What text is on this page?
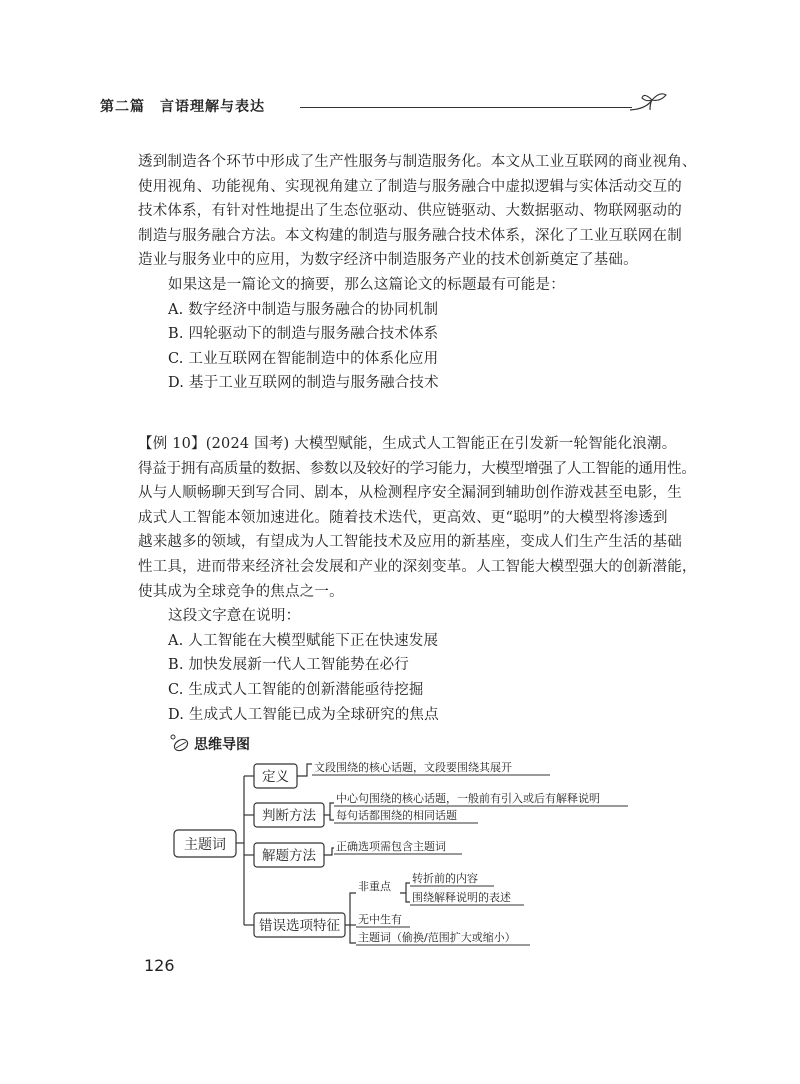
第二篇　言语理解与表达
透到制造各个环节中形成了生产性服务与制造服务化。本文从工业互联网的商业视角、
使用视角、功能视角、实现视角建立了制造与服务融合中虚拟逻辑与实体活动交互的
技术体系，有针对性地提出了生态位驱动、供应链驱动、大数据驱动、物联网驱动的
制造与服务融合方法。本文构建的制造与服务融合技术体系，深化了工业互联网在制
造业与服务业中的应用，为数字经济中制造服务产业的技术创新奠定了基础。
如果这是一篇论文的摘要，那么这篇论文的标题最有可能是：
A. 数字经济中制造与服务融合的协同机制
B. 四轮驱动下的制造与服务融合技术体系
C. 工业互联网在智能制造中的体系化应用
D. 基于工业互联网的制造与服务融合技术
【例 10】(2024 国考) 大模型赋能，生成式人工智能正在引发新一轮智能化浪潮。
得益于拥有高质量的数据、参数以及较好的学习能力，大模型增强了人工智能的通用性。
从与人顺畅聊天到写合同、剧本，从检测程序安全漏洞到辅助创作游戏甚至电影，生
成式人工智能本领加速进化。随着技术迭代，更高效、更“聪明”的大模型将渗透到
越来越多的领域，有望成为人工智能技术及应用的新基座，变成人们生产生活的基础
性工具，进而带来经济社会发展和产业的深刻变革。人工智能大模型强大的创新潜能，
使其成为全球竞争的焦点之一。
这段文字意在说明：
A. 人工智能在大模型赋能下正在快速发展
B. 加快发展新一代人工智能势在必行
C. 生成式人工智能的创新潜能亟待挖掘
D. 生成式人工智能已成为全球研究的焦点
思维导图
主题词
定义
判断方法
解题方法
错误选项特征
文段围绕的核心话题，文段要围绕其展开
中心句围绕的核心话题，一般前有引入或后有解释说明
每句话都围绕的相同话题
正确选项需包含主题词
非重点
转折前的内容
围绕解释说明的表述
无中生有
主题词（偷换/范围扩大或缩小）
126
